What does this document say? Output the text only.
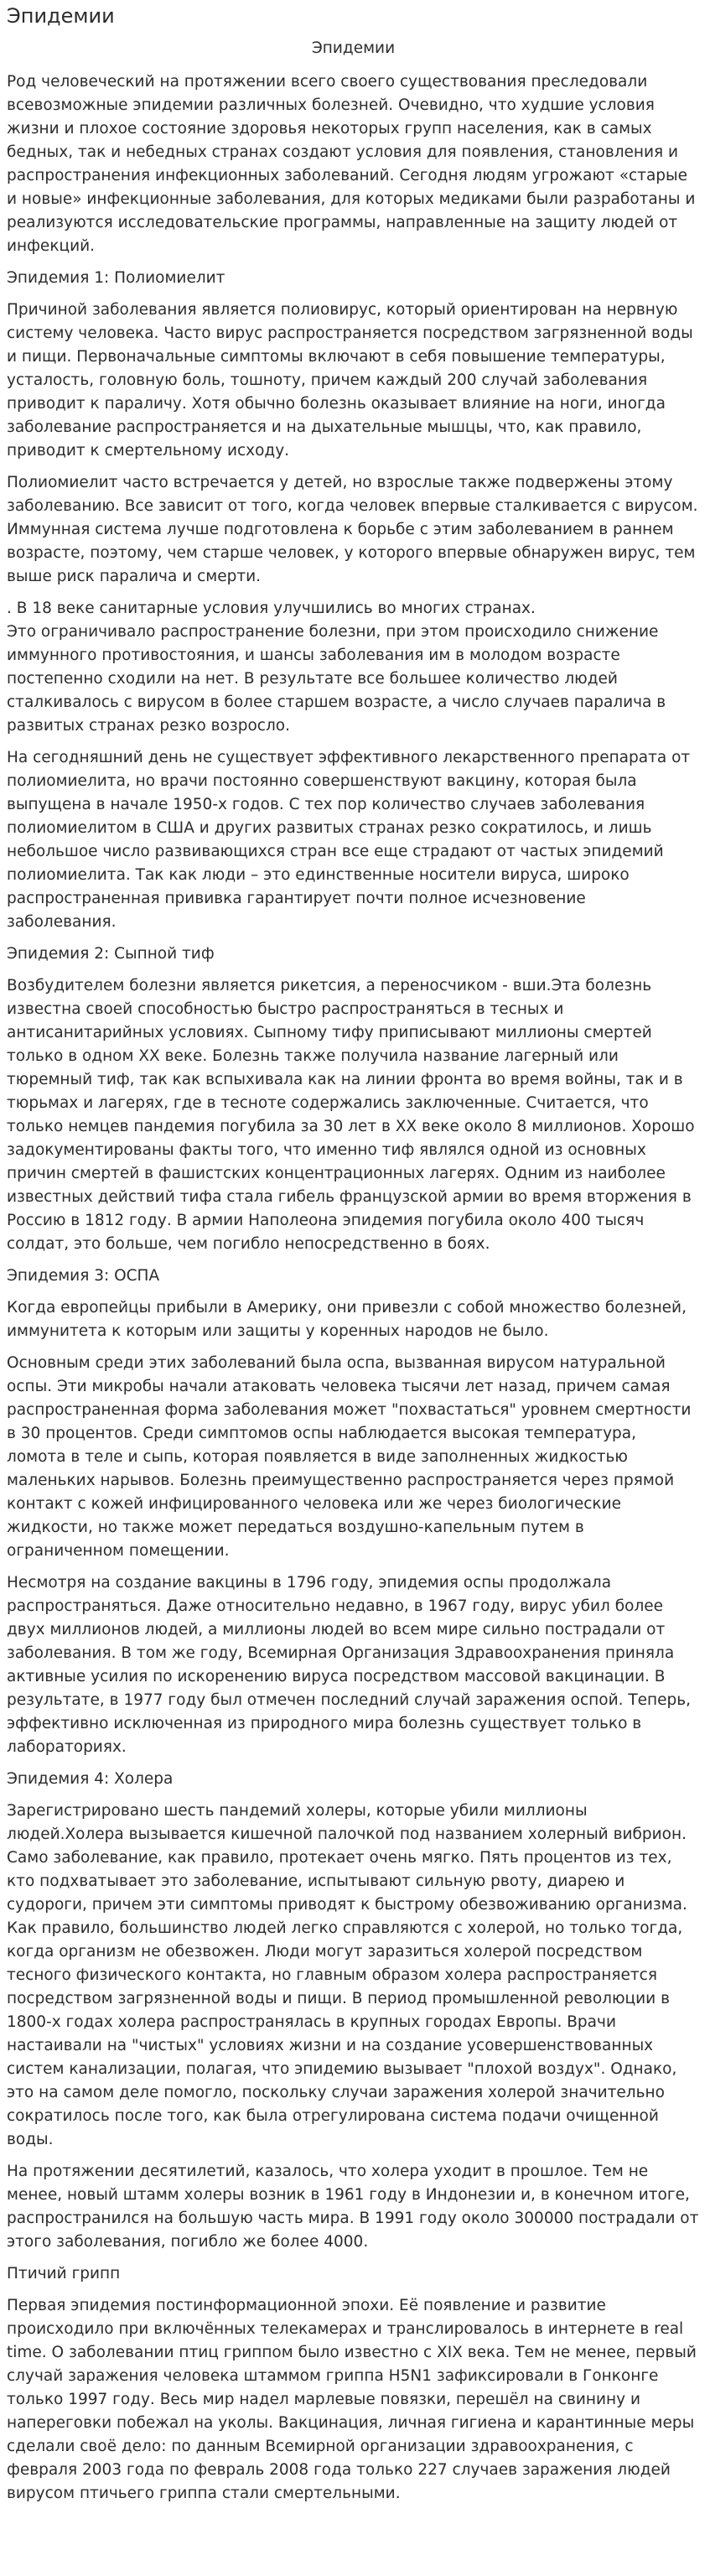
Эпидемии
Эпидемии

Род человеческий на протяжении всего своего существования преследовали всевозможные эпидемии различных болезней. Очевидно, что худшие условия жизни и плохое состояние здоровья некоторых групп населения, как в самых бедных, так и небедных странах создают условия для появления, становления и распространения инфекционных заболеваний. Сегодня людям угрожают «старые и новые» инфекционные заболевания, для которых медиками были разработаны и реализуются исследовательские программы, направленные на защиту людей от инфекций.

Эпидемия 1: Полиомиелит

Причиной заболевания является полиовирус, который ориентирован на нервную систему человека. Часто вирус распространяется посредством загрязненной воды и пищи. Первоначальные симптомы включают в себя повышение температуры, усталость, головную боль, тошноту, причем каждый 200 случай заболевания приводит к параличу. Хотя обычно болезнь оказывает влияние на ноги, иногда заболевание распространяется и на дыхательные мышцы, что, как правило, приводит к смертельному исходу.

Полиомиелит часто встречается у детей, но взрослые также подвержены этому заболеванию. Все зависит от того, когда человек впервые сталкивается с вирусом. Иммунная система лучше подготовлена к борьбе с этим заболеванием в раннем возрасте, поэтому, чем старше человек, у которого впервые обнаружен вирус, тем выше риск паралича и смерти.

. В 18 веке санитарные условия улучшились во многих странах.
Это ограничивало распространение болезни, при этом происходило снижение иммунного противостояния, и шансы заболевания им в молодом возрасте постепенно сходили на нет. В результате все большее количество людей сталкивалось с вирусом в более старшем возрасте, а число случаев паралича в развитых странах резко возросло.

На сегодняшний день не существует эффективного лекарственного препарата от полиомиелита, но врачи постоянно совершенствуют вакцину, которая была выпущена в начале 1950-х годов. С тех пор количество случаев заболевания полиомиелитом в США и других развитых странах резко сократилось, и лишь небольшое число развивающихся стран все еще страдают от частых эпидемий полиомиелита. Так как люди – это единственные носители вируса, широко распространенная прививка гарантирует почти полное исчезновение заболевания.

Эпидемия 2: Сыпной тиф

Возбудителем болезни является рикетсия, а переносчиком - вши.Эта болезнь известна своей способностью быстро распространяться в тесных и антисанитарийных условиях. Сыпному тифу приписывают миллионы смертей только в одном XX веке. Болезнь также получила название лагерный или тюремный тиф, так как вспыхивала как на линии фронта во время войны, так и в тюрьмах и лагерях, где в тесноте содержались заключенные. Считается, что только немцев пандемия погубила за 30 лет в XX веке около 8 миллионов. Хорошо задокументированы факты того, что именно тиф являлся одной из основных причин смертей в фашистских концентрационных лагерях. Одним из наиболее известных действий тифа стала гибель французской армии во время вторжения в Россию в 1812 году. В армии Наполеона эпидемия погубила около 400 тысяч солдат, это больше, чем погибло непосредственно в боях.

Эпидемия 3: ОСПА

Когда европейцы прибыли в Америку, они привезли с собой множество болезней, иммунитета к которым или защиты у коренных народов не было.

Основным среди этих заболеваний была оспа, вызванная вирусом натуральной оспы. Эти микробы начали атаковать человека тысячи лет назад, причем самая распространенная форма заболевания может "похвастаться" уровнем смертности в 30 процентов. Среди симптомов оспы наблюдается высокая температура, ломота в теле и сыпь, которая появляется в виде заполненных жидкостью маленьких нарывов. Болезнь преимущественно распространяется через прямой контакт с кожей инфицированного человека или же через биологические жидкости, но также может передаться воздушно-капельным путем в ограниченном помещении.

Несмотря на создание вакцины в 1796 году, эпидемия оспы продолжала распространяться. Даже относительно недавно, в 1967 году, вирус убил более двух миллионов людей, а миллионы людей во всем мире сильно пострадали от заболевания. В том же году, Всемирная Организация Здравоохранения приняла активные усилия по искоренению вируса посредством массовой вакцинации. В результате, в 1977 году был отмечен последний случай заражения оспой. Теперь, эффективно исключенная из природного мира болезнь существует только в лабораториях.

Эпидемия 4: Холера

Зарегистрировано шесть пандемий холеры, которые убили миллионы людей.Холера вызывается кишечной палочкой под названием холерный вибрион. Само заболевание, как правило, протекает очень мягко. Пять процентов из тех, кто подхватывает это заболевание, испытывают сильную рвоту, диарею и судороги, причем эти симптомы приводят к быстрому обезвоживанию организма. Как правило, большинство людей легко справляются с холерой, но только тогда, когда организм не обезвожен. Люди могут заразиться холерой посредством тесного физического контакта, но главным образом холера распространяется посредством загрязненной воды и пищи. В период промышленной революции в 1800-х годах холера распространялась в крупных городах Европы. Врачи настаивали на "чистых" условиях жизни и на создание усовершенствованных систем канализации, полагая, что эпидемию вызывает "плохой воздух". Однако, это на самом деле помогло, поскольку случаи заражения холерой значительно сократилось после того, как была отрегулирована система подачи очищенной воды.

На протяжении десятилетий, казалось, что холера уходит в прошлое. Тем не менее, новый штамм холеры возник в 1961 году в Индонезии и, в конечном итоге, распространился на большую часть мира. В 1991 году около 300000 пострадали от этого заболевания, погибло же более 4000.

Птичий грипп

Первая эпидемия постинформационной эпохи. Её появление и развитие происходило при включённых телекамерах и транслировалось в интернете в real time. О заболевании птиц гриппом было известно с XIX века. Тем не менее, первый случай заражения человека штаммом гриппа H5N1 зафиксировали в Гонконге только 1997 году. Весь мир надел марлевые повязки, перешёл на свинину и напереговки побежал на уколы. Вакцинация, личная гигиена и карантинные меры сделали своё дело: по данным Всемирной организации здравоохранения, с февраля 2003 года по февраль 2008 года только 227 случаев заражения людей вирусом птичьего гриппа стали смертельными.
